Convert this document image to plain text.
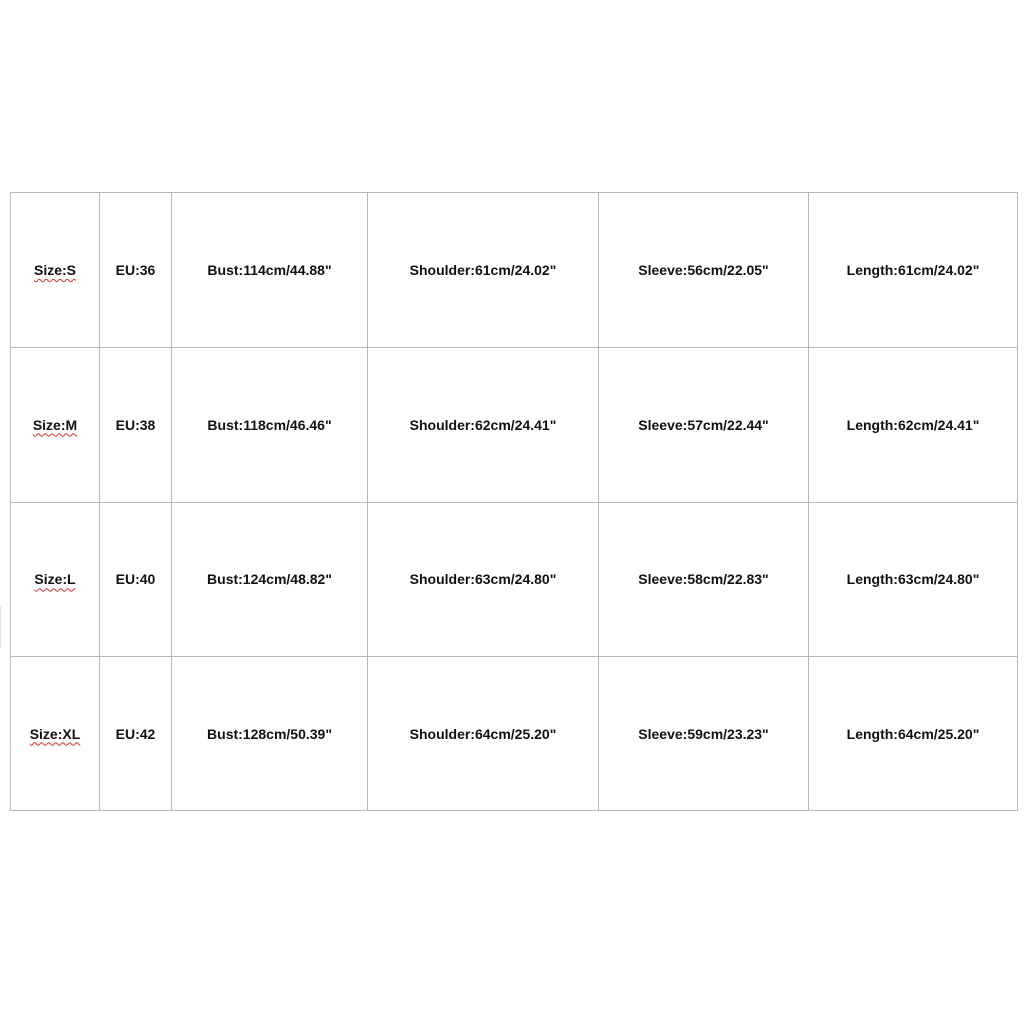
Size:S	EU:36	Bust:114cm/44.88"	Shoulder:61cm/24.02"	Sleeve:56cm/22.05"	Length:61cm/24.02"
Size:M	EU:38	Bust:118cm/46.46"	Shoulder:62cm/24.41"	Sleeve:57cm/22.44"	Length:62cm/24.41"
Size:L	EU:40	Bust:124cm/48.82"	Shoulder:63cm/24.80"	Sleeve:58cm/22.83"	Length:63cm/24.80"
Size:XL	EU:42	Bust:128cm/50.39"	Shoulder:64cm/25.20"	Sleeve:59cm/23.23"	Length:64cm/25.20"
